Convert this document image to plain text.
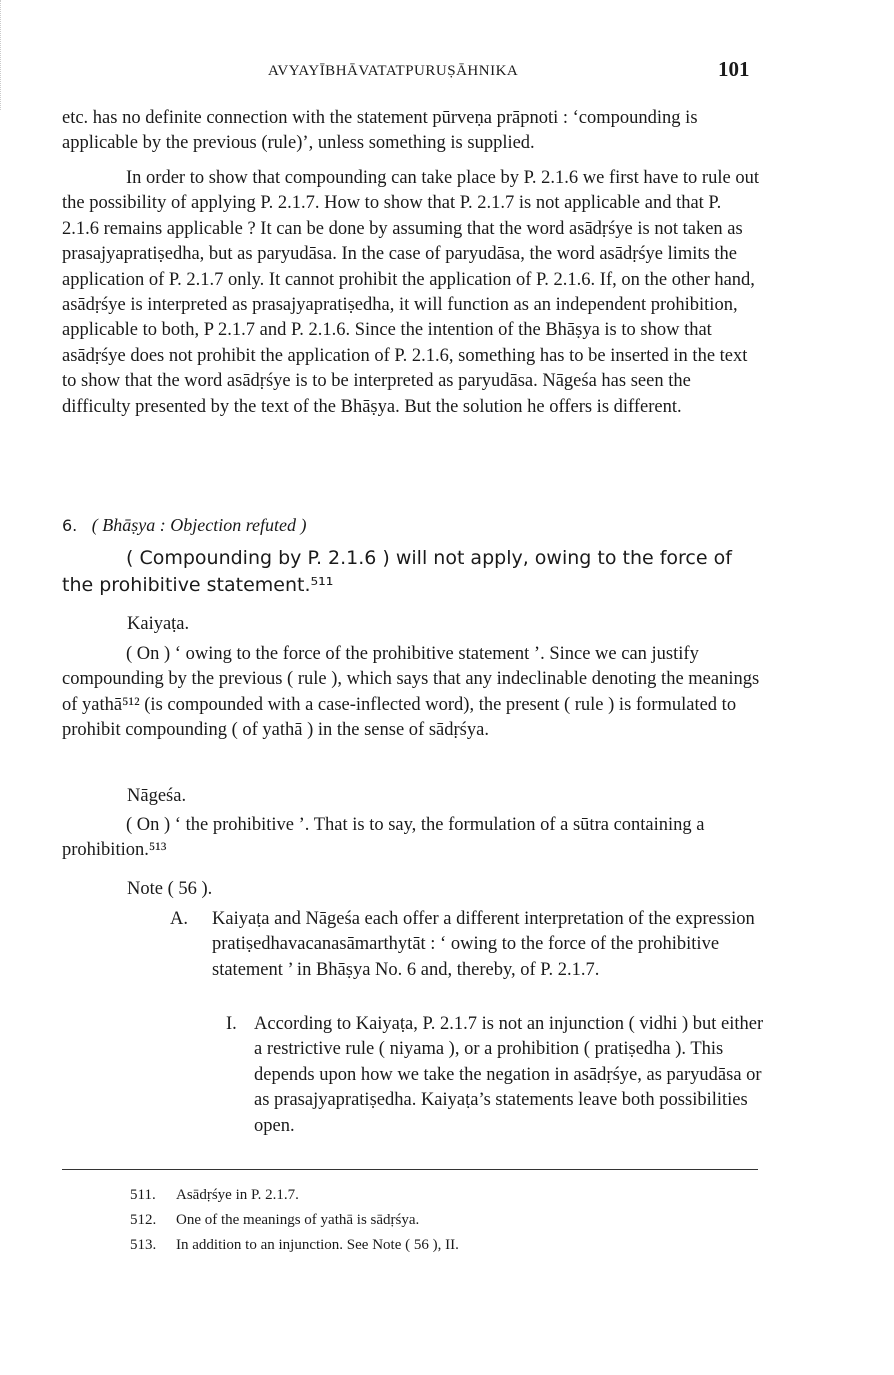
AVYAYĪBHĀVATATPURUṢĀHNIKA	101
etc. has no definite connection with the statement pūrveṇa prāpnoti : ‘compounding is applicable by the previous (rule)’, unless something is supplied.
In order to show that compounding can take place by P. 2.1.6 we first have to rule out the possibility of applying P. 2.1.7. How to show that P. 2.1.7 is not applicable and that P. 2.1.6 remains applicable ? It can be done by assuming that the word asādṛśye is not taken as prasajyapratiṣedha, but as paryudāsa. In the case of paryudāsa, the word asādṛśye limits the application of P. 2.1.7 only. It cannot prohibit the application of P. 2.1.6. If, on the other hand, asādṛśye is interpreted as prasajyapratiṣedha, it will function as an independent prohibition, applicable to both, P 2.1.7 and P. 2.1.6. Since the intention of the Bhāṣya is to show that asādṛśye does not prohibit the application of P. 2.1.6, something has to be inserted in the text to show that the word asādṛśye is to be interpreted as paryudāsa. Nāgeśa has seen the difficulty presented by the text of the Bhāṣya. But the solution he offers is different.
6. ( Bhāṣya : Objection refuted )
( Compounding by P. 2.1.6 ) will not apply, owing to the force of the prohibitive statement.⁵¹¹
Kaiyaṭa.
( On ) ‘ owing to the force of the prohibitive statement ’. Since we can justify compounding by the previous ( rule ), which says that any indeclinable denoting the meanings of yathā⁵¹² (is compounded with a case-inflected word), the present ( rule ) is formulated to prohibit compounding ( of yathā ) in the sense of sādṛśya.
Nāgeśa.
( On ) ‘ the prohibitive ’. That is to say, the formulation of a sūtra containing a prohibition.⁵¹³
Note ( 56 ).
A. Kaiyaṭa and Nāgeśa each offer a different interpretation of the expression pratiṣedhavacanasāmarthytāt : ‘ owing to the force of the prohibitive statement ’ in Bhāṣya No. 6 and, thereby, of P. 2.1.7.
I. According to Kaiyaṭa, P. 2.1.7 is not an injunction ( vidhi ) but either a restrictive rule ( niyama ), or a prohibition ( pratiṣedha ). This depends upon how we take the negation in asādṛśye, as paryudāsa or as prasajyapratiṣedha. Kaiyaṭa’s statements leave both possibilities open.
511. Asādṛśye in P. 2.1.7.
512. One of the meanings of yathā is sādṛśya.
513. In addition to an injunction. See Note ( 56 ), II.
